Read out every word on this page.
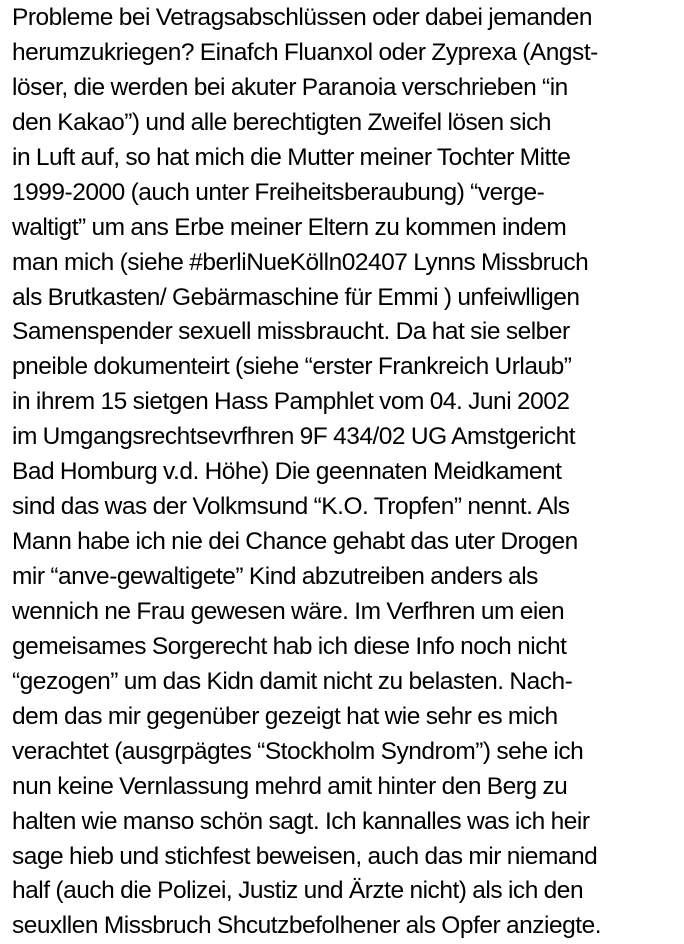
Probleme bei Vetragsabschlüssen oder dabei jemanden
herumzukriegen? Einafch Fluanxol oder Zyprexa (Angst-
löser, die werden bei akuter Paranoia verschrieben “in
den Kakao”) und alle berechtigten Zweifel lösen sich
in Luft auf, so hat mich die Mutter meiner Tochter Mitte
1999-2000 (auch unter Freiheitsberaubung) “verge-
waltigt” um ans Erbe meiner Eltern zu kommen indem
man mich (siehe #berliNueKölln02407 Lynns Missbruch
als Brutkasten/ Gebärmaschine für Emmi ) unfeiwlligen
Samenspender sexuell missbraucht. Da hat sie selber
pneible dokumenteirt (siehe “erster Frankreich Urlaub”
in ihrem 15 sietgen Hass Pamphlet vom 04. Juni 2002
im Umgangsrechtsevrfhren 9F 434/02 UG Amstgericht
Bad Homburg v.d. Höhe) Die geennaten Meidkament
sind das was der Volkmsund “K.O. Tropfen” nennt. Als
Mann habe ich nie dei Chance gehabt das uter Drogen
mir “anve-gewaltigete” Kind abzutreiben anders als
wennich ne Frau gewesen wäre. Im Verfhren um eien
gemeisames Sorgerecht hab ich diese Info noch nicht
“gezogen” um das Kidn damit nicht zu belasten. Nach-
dem das mir gegenüber gezeigt hat wie sehr es mich
verachtet (ausgrpägtes “Stockholm Syndrom”) sehe ich
nun keine Vernlassung mehrd amit hinter den Berg zu
halten wie manso schön sagt. Ich kannalles was ich heir
sage hieb und stichfest beweisen, auch das mir niemand
half (auch die Polizei, Justiz und Ärzte nicht) als ich den
seuxllen Missbruch Shcutzbefolhener als Opfer anziegte.
